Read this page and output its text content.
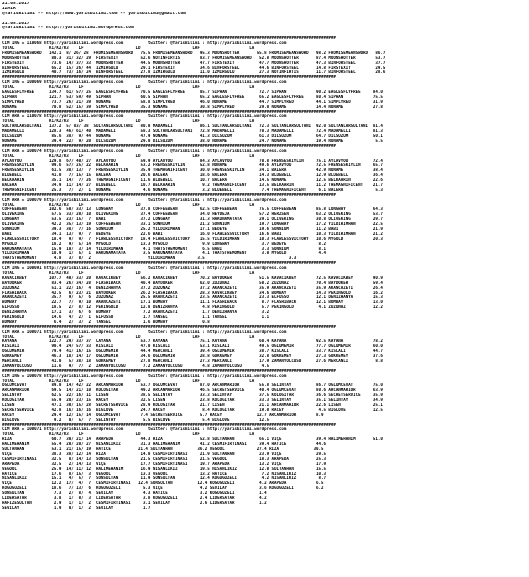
21.05.2017
İZMİR
@YarisBilimi -- http://www.yarisbilimi.com -- yarisbilimi@gmail.com
21.05.2017
@YarisBilimi -- http://yarisbilimi.wordpress.com
#######################################################################################################################################
CİM ING = 110068 http://yarisbilimi.wordpress.com          twitter: @YarisBilimi : http://yarisbilimi.wordpress.com
TOTAL              K1/K2/K3    LF                     LD                     LRF                    LA
FROMISEMEANSWORD   142.1  8/ 26/ 28  FROMISEMEANSWORD   75.5 FROMISEMEANSWORD   95.3 MOONSHOTTER       55.8 FROMISEMEANSWORD   98.2 FROMISEMEANSWORD   86.7
MOONSHOTTER         80.3  31/ 32/ 29  FIRSTEXIT         52.6 NOTINFIRTIS        83.7 FROMISEMEANSWORD   52.8 MOONSHOTTER       87.4 MOONSHOTTER        53.7
FIRSTEXIT           73.6  14/ 37/ 33  MOONSHOTTER       44.5 MOONSHOTTER        47.7 FIRSTEXIT          47.7 MOONSHOTTER       47.3 BINFORSTEEL        37.7
BINFORSTEEL         65.2  15/ 26/ 44  İZMİRGULU         29.1 FIRSTEXIT          34.6 BINFORSTEEL        44.6 BINFORSTEEL       14.8 FIRSTEXIT          29.5
İZMİRGULU           40.7  73/ 16/ 24  BINFORSTEEL       27.8 İZMİRGULU          11.0 İZMİRGULU          27.3 NOTINFIRTIS       11.7 BINFORSTEEL        28.6
#######################################################################################################################################
CİM ING = 100069 http://yarisbilimi.wordpress.com          twitter: @YarisBilimi : http://yarisbilimi.wordpress.com
TOTAL              K1/K2/K3    LF                     LD                     LRF                    LA
EAGLESFLYFREE      134.7  61/ 57/ 25  EAGLESFLYFREE     70.5 EAGLESFLYFREE      85.7 SIPHAN             72.7 SIPHAN            90.2 EAGLESFLYFREE     84.0
SIPHAN             121.7  53/ 59/ 49  SIPHAN            60.5 SIPHAN             65.2 EAGLESFLYFREE      65.2 EAGLESFLYFREE     80.4 SIPHAN            75.5
SIMPLYRED           73.7  26/ 21/ 39  NONAME            58.8 SIMPLYRED          46.0 NONAME             44.7 SIMPLYRED         44.1 SIMPLYRED         31.9
NONAME              70.8  52/ 15/ 39  SIMPLYRED         35.3 NONAME             30.8 SIMPLYRED          29.0 NONAME            14.4 NONAME            27.8
#######################################################################################################################################
CİM ARA = 110078 http://yarisbilimi.wordpress.com          twitter: @YarisBilimi : http://yarisbilimi.wordpress.com
TOTAL              K1/K2/K3    LF                     LD                     LRF                    LA
SULTANLARSULTANI   137.2  5/ 83/ 38  SULTANLARSULTANI   80.0 MADAMELI           86.1 SULTANLARSULTANI   72.3 SULTANLARSULTANI  92.0 SULTANLARSULTANI  81.4
MADAMELLI          128.3  46/ 61/ 40  MADAMELI          58.3 SULTANLARSULTANI   72.8 MADAMELLI          70.3 MADAMELLI         72.4 MADAMELLI         81.3
DILSUZUM            85.6  38/  9/ 44  NONAME            47.9 NONAME             41.3 DILSUZUM           61.3 DILSUZUM          64.7 DILSUZUM          50.1
NONAME              39.4  22/  9/ 20  DILSUZUM          29.0 DILSUZUM           38.0 NONAME             24.7 NONAME            19.4 NONAME             5.5
#######################################################################################################################################
CİM ARA = 100074 http://yarisbilimi.wordpress.com          twitter: @YarisBilimi : http://yarisbilimi.wordpress.com
TOTAL              K1/K2/K3    LF                     LD                     LRF                    LA
AYLAVYOU           129.8  67/ 40/ 27  AYLAVYOU          59.9 AYLAVYOU           84.3 AYLAVYOU           70.8 FRENSESKIYLIN     75.1 AYLAVYOU          72.4
FRENSESKIYLIN       99.6  57/ 25/ 22  BELKAARIN         53.2 FRENSESKIYLIN      52.8 NONAME             49.6 AYLAVYOU          72.5 FRENSESKIYLIN     65.7
FRENSESKIYLIN       61.5  38/ 13/  7  FRENSESKIYLIN     35.9 THEMAGNIFICENT     30.0 FRENSESKIYLIN      34.1 BALERA            42.9 NONAME            38.4
BLUEBELL            41.0   7/ 15/ 15  BALERA            20.6 BALERA             18.6 BALERA             14.3 BLUEBELL          12.9 BLUEBELL          36.4
BELKAARIN           35.1  14/  7/ 26  THEMAGNIFICENT    11.6 BLUEBELL           10.7 BALERA             14.5 NONAME            12.5 BELKAARIN         22.6
BALERA              34.9  11/ 14/ 27  BLUEBELL          10.7 BELKAARIN           9.2 THEMAGNIFICENT     13.5 BELKAARIN         11.2 THEMAGNIFICENT    21.7
THEMAGNIFICENT      25.3   7/  2/  1  NONAME             4.6 NONAME              3.2 BLUEBELL            7.4 THEMAGNIFICENT     6.1 BALERA             5.3
#######################################################################################################################################
CİM ARA = 100079 http://yarisbilimi.wordpress.com          twitter: @YarisBilimi : http://yarisbilimi.wordpress.com
TOTAL              K1/K2/K3    LF                     LD                     LRF                    LA
COFFEEBEAN         102.6  50/ 33/ 13  LONGWAY           37.8 COFFEEBEAN         62.5 COFFEEBEAN         75.5 COFFEEBEAN        85.8 LONGWAY           64.3
OLIVEKING           57.5  33/ 20/ 10  OLIVEKING         37.4 COFFEEBEAN         34.0 HEYDEJA            57.2 HERZSEN           63.2 OLIVEKING         53.7
LONGWAY             53.5  23/ 15/  7  BABI              37.2 LONGWAY            31.3 HAKUNAMATATA       29.1 OLIVEKING         30.8 OLIVEKING         29.7
OLIVEKING           42.2  35/ 13/ 19  COFFEEBEAN        33.1 SONNIUM            21.2 SONNIUM            19.7 LONGWAY           17.2 YILDIRIMHAN       22.5
SONNIUM             39.3  38/  7/ 16  SONNIUM           25.2 YILDIRIMHAN        17.1 BEDEYE             19.6 SONNIUM           11.2 BABI              21.9
BABI                34.1  13/  9/  7  BEDEYE            22.6 BABI               16.0 FLAWLESSVICTORY    16.6 BABI              10.3 YILDIRIMHAN       21.2
FLAWLESSVICTORY     18.4   9/  9/  7  FLAWLESSVICTORY   18.4 FLAWLESSVICTORY    15.5 YILDIRIMHAN        10.3 FLAWLESSVICTORY   10.6 MYGOLD            20.3
MYGOLD              18.2   9/  5/ 14  MYGOLD            13.3 MYGOLD              9.9 LONGWAY             3.7 BEDEYE             8.2
HAKUNAMATATA        15.9  10/  3/ 14  YILDIRIMHAN        4.1 THATSTHEMOMENT      6.5 BABI                3.3 SONNIUM            8.1
YILDIRIMHAN         10.9   1/  5/  1  HAKUNAMATATA       3.5 HAKUNAMATATA        4.1 THATSTHEMOMENT      3.0 MYGOLD             4.4
THATSTHEMOMENT       4.8   3/  0/  2                       YILDIRIMHAN         3.5                                  3.3
#######################################################################################################################################
CİM ING = 100091 http://yarisbilimi.wordpress.com          twitter: @YarisBilimi : http://yarisbilimi.wordpress.com
TOTAL              K1/K2/K3    LF                     LD                     LRF                    LA
KAVACIKBEY         107.7  40/ 33/ 20  KAVACIKBEY        56.2 KAVACIKBEY         70.2 BAYDOKER           51.5 KAVACIKBEY        72.5 KAVACIKBEY        90.9
BAYDOKER            83.4  26/ 34/ 28  FLASHIBACK        40.4 BAYDOKER           62.0 ZUZUNAZ            50.2 ZUZUNAZ           70.4 BAYDOKER          59.4
ZUZUNAZ             51.1  22/ 16/  4  DENIZHANYA        37.2 ZUZUNAZ            37.2 AKANCAZETI         35.9 AKANCAZETI        35.9 AKANCAZETI        26.4
FLASHIBACK          42.5   6/ 23/ 21  BAYDOKER          26.2 FLASHIBACK         28.3 KAVACIKBEY         34.6 BOMBAY            14.3 PEKINGOLD         16.2
AKANCAZETI          35.7   9/  5/  6  ZUZUNAZ           25.5 AKANCAZETI         23.5 AKANCAZETI         23.3 ELFUSSO           12.1 DENIZHANYA        15.3
BOMBAY              22.7   7/  9/ 10  AKANCAZETI        17.1 BOMBAY             11.1 FLASHIBACK          8.7 FLASHIBACK        12.1 BOMBAY            13.0
ELFUSSO             18.5   2/  8/ 12  PEKINGOLD         12.8 DENIZHANYA          4.8 PEKINGOLD           5.7 PEKINGOLD          4.1 ZUZUNAZ           12.2
DENIZHANYA          17.1   3/  6/  6  BOMBAY             7.2 AKANCAZETI          1.7 DENIZHANYA          3.2
PEKINGOLD           14.6   4/  2/  1  ELFUSSO            1.7 TANSEL              1.1 TANSEL              1.1
BOMBAY               6.4   2/  3/  2  TANSEL             1.6 BOMBAY              0.8
#######################################################################################################################################
CİM ARA = 100071 http://yarisbilimi.wordpress.com          twitter: @YarisBilimi : http://yarisbilimi.wordpress.com
TOTAL              K1/K2/K3    LF                     LD                     LRF                    LA
KAYANA             122.7  29/ 33/ 37  LAYANA            53.7 KAYANA             75.1 KAYANA             60.4 KAYANA            92.5 KAYANA            78.2
KISLALI             90.4  24/ 57/ 33  KISLALI           47.0 KISLALI            53.1 KISLALI            49.5 OGLUMEMIR         77.7 OGLUMEMIR         60.0
OGLUMEMIR           79.4  41/ 16/ 15  OGLUMEMIR         44.4 MERCANLI           39.4 OGLUMEMIR          38.7 KISLALI           33.7 KISLALI           44.7
GOKKEMEY            46.3  18/ 14/ 17  OGLUMEMIR         34.6 OGLUMEMIR          28.8 GOKKEMEY           32.8 GOKKEMEY          27.3 GOKKEMEY          37.6
MERCANLI            41.0   5/ 38/ 18  GOKKEMEY          27.8 MERCANLI           27.3 MERCANLI           17.9 ZAMANYOLCUSU      27.6 MERCANLI           8.8
ZAMANYOLCUSU        11.6   9/  7/  2  ZAMANYOLCUSU       7.2 ZAMANYOLCUSU        4.8 ZAMANYOLCUSU        4.5
#######################################################################################################################################
CİM ING = 100078 http://yarisbilimi.wordpress.com          twitter: @YarisBilimi : http://yarisbilimi.wordpress.com
TOTAL              K1/K2/K3    LF                     LD                     LRF                    LA
OGLUMCEVAT          89.0  14/ 42/ 22  ARCANMARIOR       53.7 OGLUMCEVAT         87.0 ARCANMARIOR        55.8 SELINTAY          86.7 OGLUMCEVAT        75.0
ARCANMARIOR         69.5  14/ 21/ 10  KOLOGITAR         49.2 ARCANMARIOR        46.5 SECRETSERVICE      40.4 OGLUMCEVAT        80.6 ARCANMARIOR       63.9
SELINTAY            62.5  22/ 16/ 11  LISEN             38.5 SELINTAY           33.3 SELINTAY           37.5 KOLOGITAR         36.6 SECRETSERVICE     35.9
KOLOGITAR           55.9  20/ 23/ 15  RACEY             32.5 LISEN              23.8 KOLOGITAR          33.3 SELINTAY          35.1 SELINTAY          34.9
LISEN               47.1  30/ 15/ 28  SECRETSERVICE     28.9 KOLOGITAR          21.7 LISEN              21.1 ARCANMARIOR       22.6 LISEN             25.1
SECRETSERVICE       42.8  16/ 16/ 16  BIGLOVE           24.7 RACEY               8.4 KOLOGITAR          19.0 RACEY              4.5 BIGLOVE           12.5
RACEY               29.4  12/ 15/ 14  OGLUMCEVAT        7.4 SECRETSERVICE       5.7 RACEY              12.7 ARCANMARIOR        8.9
BIGLOVE              9.2   0/  5/  7  SELINTAY           5.5 BIGLOVE             5.4 BIGLOVE            12.5
#######################################################################################################################################
CİM ARA = 100071 http://yarisbilimi.wordpress.com          twitter: @YarisBilimi : http://yarisbilimi.wordpress.com
TOTAL              K1/K2/K3    LF                     LD                     LRF                    LA
RIZA                60.7  30/ 21/ 14  ARAPEDA           44.3 RIZA               52.8 SULTANHAN          65.1 VIÇE              39.4 HALIMEHANIM       51.0
HALIMEHANIM         55.4  20/ 20/ 27  NISANLIKIZ        31.3 HALIMEHANIM        41.2 CESMIFIRTINASI     39.4 HATICE            44.6
SULTANHAN           53.1  21/ 15/ 19  HATICE           21.4 SULTANHAN          36.2 VEGOOL             27.4 RIZA              30.5
VIÇE                38.3  38/ 12/ 14  RIZA              14.0 CESMIFIRTINASI     21.9 SULTANHAN          23.9 VIÇE              29.5
CESMIFIRTINASI      32.5   8/ 14/ 13  SONSULTAN         21.5 CESMIFIRTINASI     21.5 VEGOOL             18.3 ARAPEDA           25.3
ARAPEDA             32.5   2/ 14/ 13  VIÇE              17.7 CESMIFIRTINASI     19.7 ARAPEDA            13.2 VIÇE              17.9
VEGOOL              25.9  14/ 11/ 12  HALIMEHANIM       16.9 NISANLIKIZ         19.5 NISANLIKIZ         12.0 SULTANHAN         15.5
HATICE              17.6   8/ 15/  3  VEGOOL            13.3 VEGOOL             13.2 HATICE              7.2 NISANLIKIZ        10.3
NISANLIKIZ          15.1   4/  5/  7  SONSULTAN         11.9 SONSULTAN          12.4 KOGUGUZELI          4.2 NISANLIKIZ         8.7
VIÇE                12.2  17/  4/  7  CESMIFIRTINASI   12.4 SONSULTAN          12.4 KOGUGUZELI          4.2 ARAPEDA            6.5
KOGUGUZELI          18.6   7/ 13/  6  KOGUGUZELI         5.3 VIÇE               4.2 SEVILAY             3.6 KOGUGUZELI         6.2
SONSULTAN            7.3   2/  8/  4  SEVILAY            4.3 HATICE             3.2 KOGUGUZELI          1.4
LIDERSATAR           3.8   1/  0/  3  LIDERSATAR         3.8 KOGUGUZELI         2.4 LIDERSATAR          4.2
HAFIZESULTAN         2.9   1/  1/  2  CESMIFIRTINASI     3.1 SEVILAY            2.6 LIDERSATAR          1.2
SEVILAY              1.9   0/  1/  2  SEVILAY            1.7
